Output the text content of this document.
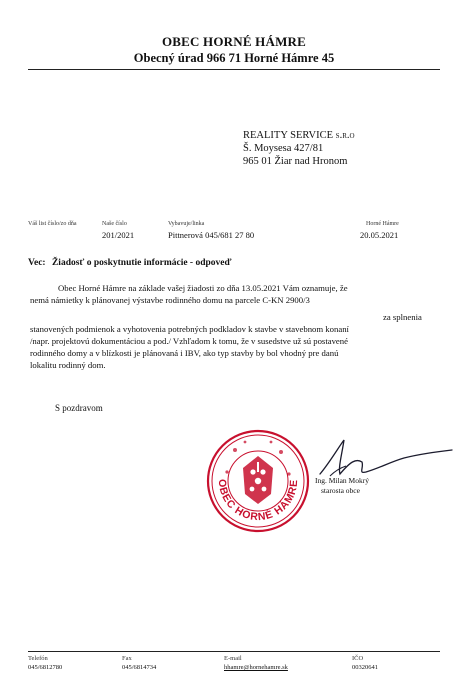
OBEC HORNÉ HÁMRE
Obecný úrad 966 71 Horné Hámre 45
REALITY SERVICE s.r.o
Š. Moysesa 427/81
965 01 Žiar nad Hronom
Váš list číslo/zo dňa	Naše číslo
201/2021
Vybavuje/linka
Pittnerová 045/681 27 80
Horné Hámre
20.05.2021
Vec: Žiadosť o poskytnutie informácie - odpoveď
Obec Horné Hámre na základe vašej žiadosti zo dňa 13.05.2021 Vám oznamuje, že
nemá námietky k plánovanej výstavbe rodinného domu na parcele C-KN 2900/3
za splnenia
stanovených podmienok a vyhotovenia potrebných podkladov k stavbe v stavebnom konaní
/napr. projektovú dokumentáciou a pod./ Vzhľadom k tomu, že v susedstve už sú postavené
rodinného domy a v blízkosti je plánovaná i IBV, ako typ stavby by bol vhodný pre danú
lokalitu rodinný dom.
S pozdravom
OBEC HORNÉ HÁMRE Ing. Milan Mokrý
starosta obce
Telefón
045/6812780
Fax
045/6814734
E-mail
hhamre@hornehamre.sk
IČO
00320641
